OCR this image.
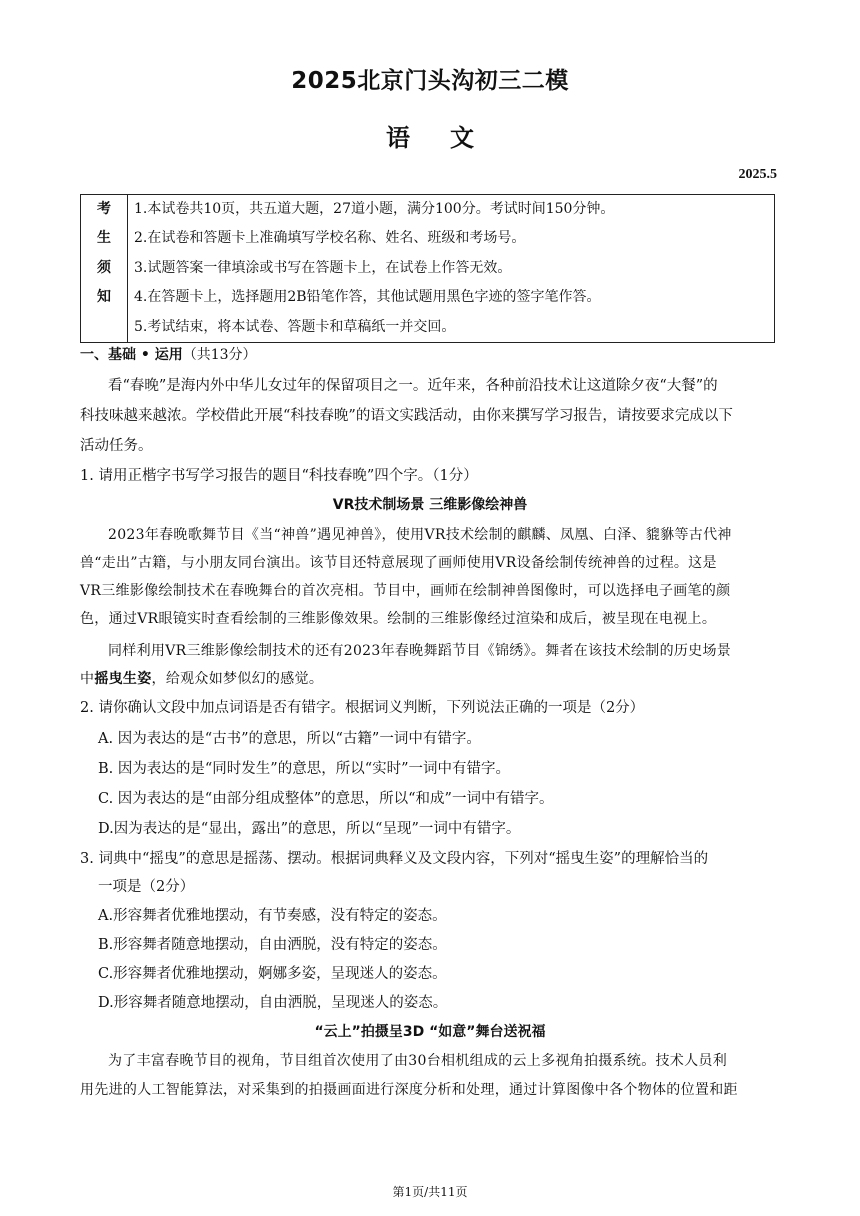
2025北京门头沟初三二模
语文
2025.5
考
生
须
知

1.本试卷共10页，共五道大题，27道小题，满分100分。考试时间150分钟。
2.在试卷和答题卡上准确填写学校名称、姓名、班级和考场号。
3.试题答案一律填涂或书写在答题卡上，在试卷上作答无效。
4.在答题卡上，选择题用2B铅笔作答，其他试题用黑色字迹的签字笔作答。
5.考试结束，将本试卷、答题卡和草稿纸一并交回。
一、基础 • 运用（共13分）
看“春晚”是海内外中华儿女过年的保留项目之一。近年来，各种前沿技术让这道除夕夜“大餐”的
科技味越来越浓。学校借此开展“科技春晚”的语文实践活动，由你来撰写学习报告，请按要求完成以下
活动任务。
1. 请用正楷字书写学习报告的题目“科技春晚”四个字。（1分）
VR技术制场景 三维影像绘神兽
2023年春晚歌舞节目《当“神兽”遇见神兽》，使用VR技术绘制的麒麟、凤凰、白泽、貔貅等古代神
兽“走出”古籍，与小朋友同台演出。该节目还特意展现了画师使用VR设备绘制传统神兽的过程。这是
VR三维影像绘制技术在春晚舞台的首次亮相。节目中，画师在绘制神兽图像时，可以选择电子画笔的颜
色，通过VR眼镜实时查看绘制的三维影像效果。绘制的三维影像经过渲染和成后，被呈现在电视上。
同样利用VR三维影像绘制技术的还有2023年春晚舞蹈节目《锦绣》。舞者在该技术绘制的历史场景
中摇曳生姿，给观众如梦似幻的感觉。
2. 请你确认文段中加点词语是否有错字。根据词义判断，下列说法正确的一项是（2分）
A. 因为表达的是“古书”的意思，所以“古籍”一词中有错字。
B. 因为表达的是“同时发生”的意思，所以“实时”一词中有错字。
C. 因为表达的是“由部分组成整体”的意思，所以“和成”一词中有错字。
D.因为表达的是“显出，露出”的意思，所以“呈现”一词中有错字。
3. 词典中“摇曳”的意思是摇荡、摆动。根据词典释义及文段内容，下列对“摇曳生姿”的理解恰当的
一项是（2分）
A.形容舞者优雅地摆动，有节奏感，没有特定的姿态。
B.形容舞者随意地摆动，自由洒脱，没有特定的姿态。
C.形容舞者优雅地摆动，婀娜多姿，呈现迷人的姿态。
D.形容舞者随意地摆动，自由洒脱，呈现迷人的姿态。
“云上”拍摄呈3D “如意”舞台送祝福
为了丰富春晚节目的视角，节目组首次使用了由30台相机组成的云上多视角拍摄系统。技术人员利
用先进的人工智能算法，对采集到的拍摄画面进行深度分析和处理，通过计算图像中各个物体的位置和距
第1页/共11页
